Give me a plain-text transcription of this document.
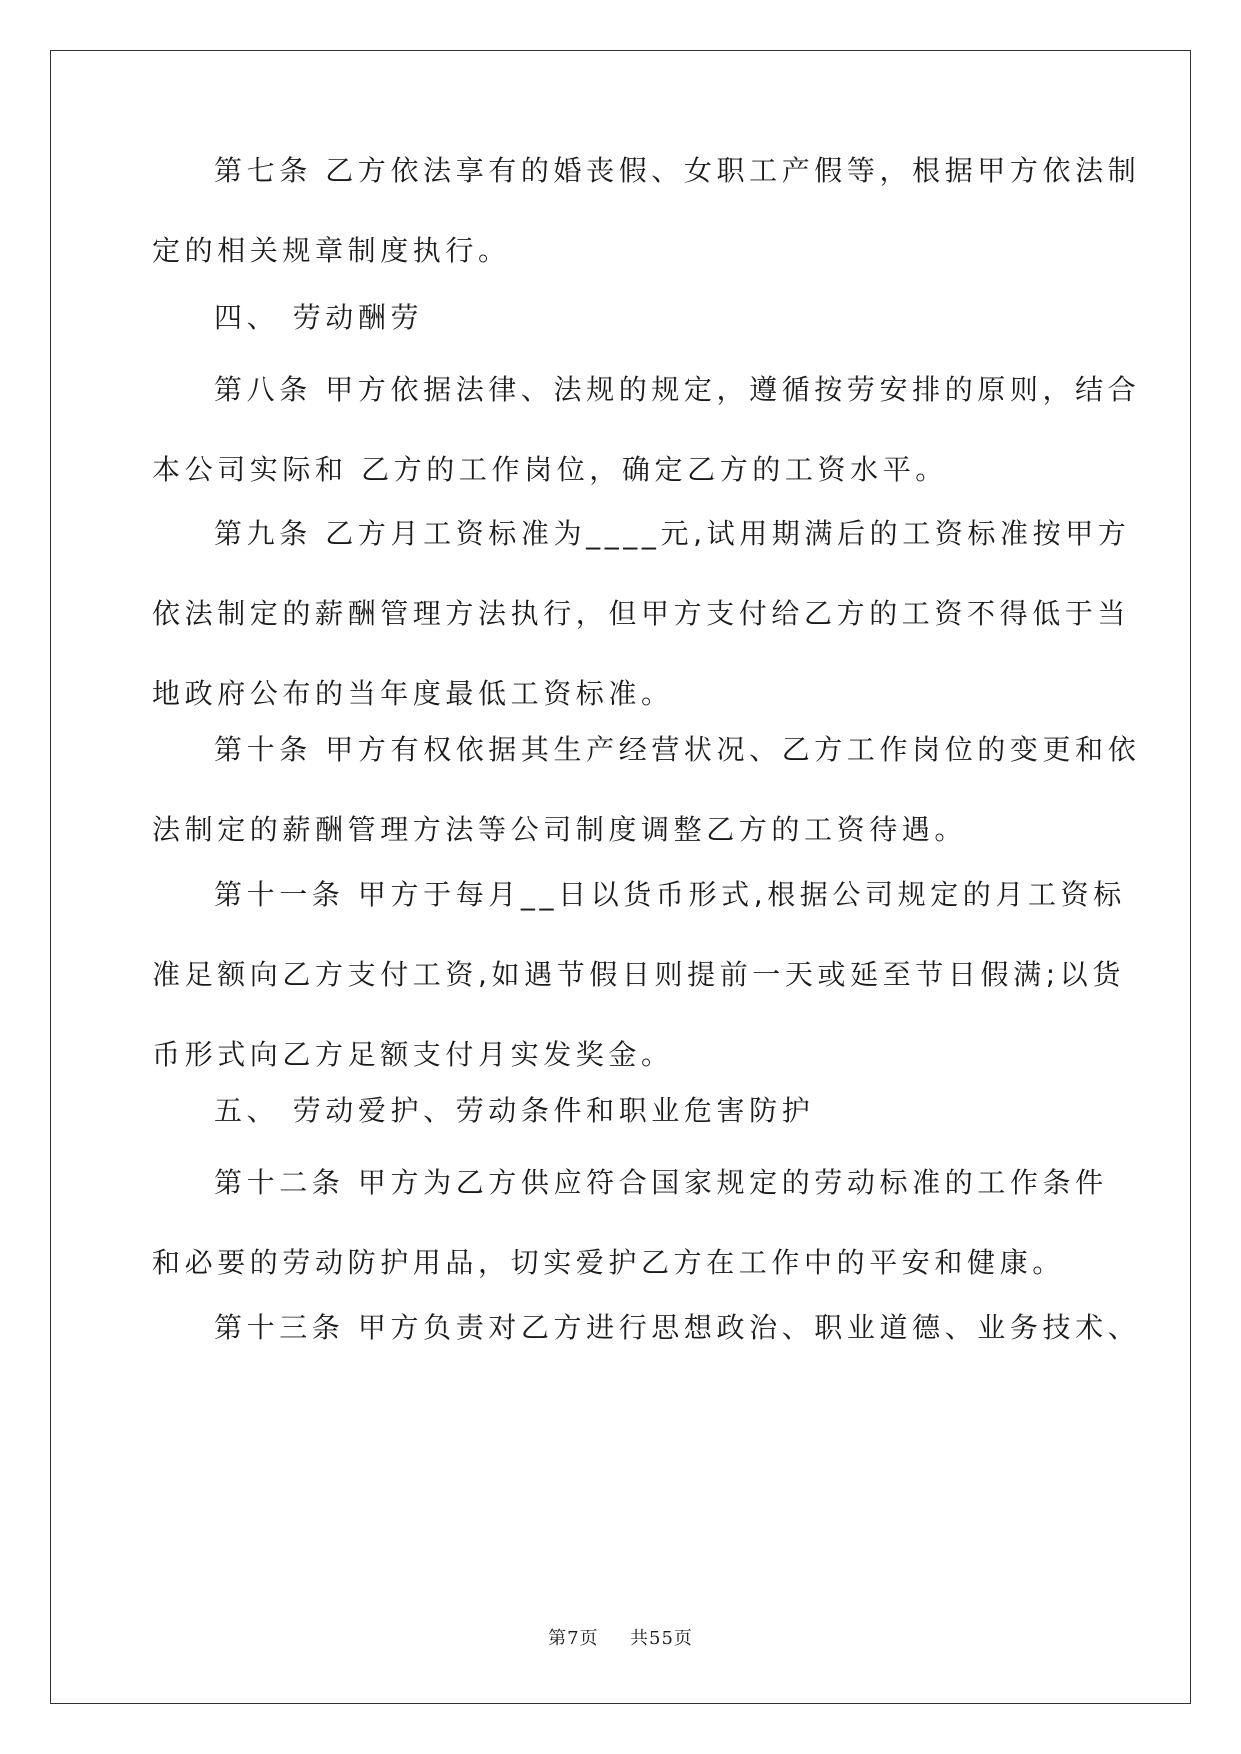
第七条 乙方依法享有的婚丧假、女职工产假等，根据甲方依法制
定的相关规章制度执行。
四、 劳动酬劳
第八条 甲方依据法律、法规的规定，遵循按劳安排的原则，结合
本公司实际和 乙方的工作岗位，确定乙方的工资水平。
第九条 乙方月工资标准为____元,试用期满后的工资标准按甲方
依法制定的薪酬管理方法执行，但甲方支付给乙方的工资不得低于当
地政府公布的当年度最低工资标准。
第十条 甲方有权依据其生产经营状况、乙方工作岗位的变更和依
法制定的薪酬管理方法等公司制度调整乙方的工资待遇。
第十一条 甲方于每月__日以货币形式,根据公司规定的月工资标
准足额向乙方支付工资,如遇节假日则提前一天或延至节日假满;以货
币形式向乙方足额支付月实发奖金。
五、 劳动爱护、劳动条件和职业危害防护
第十二条 甲方为乙方供应符合国家规定的劳动标准的工作条件
和必要的劳动防护用品，切实爱护乙方在工作中的平安和健康。
第十三条 甲方负责对乙方进行思想政治、职业道德、业务技术、
第7页 共55页
